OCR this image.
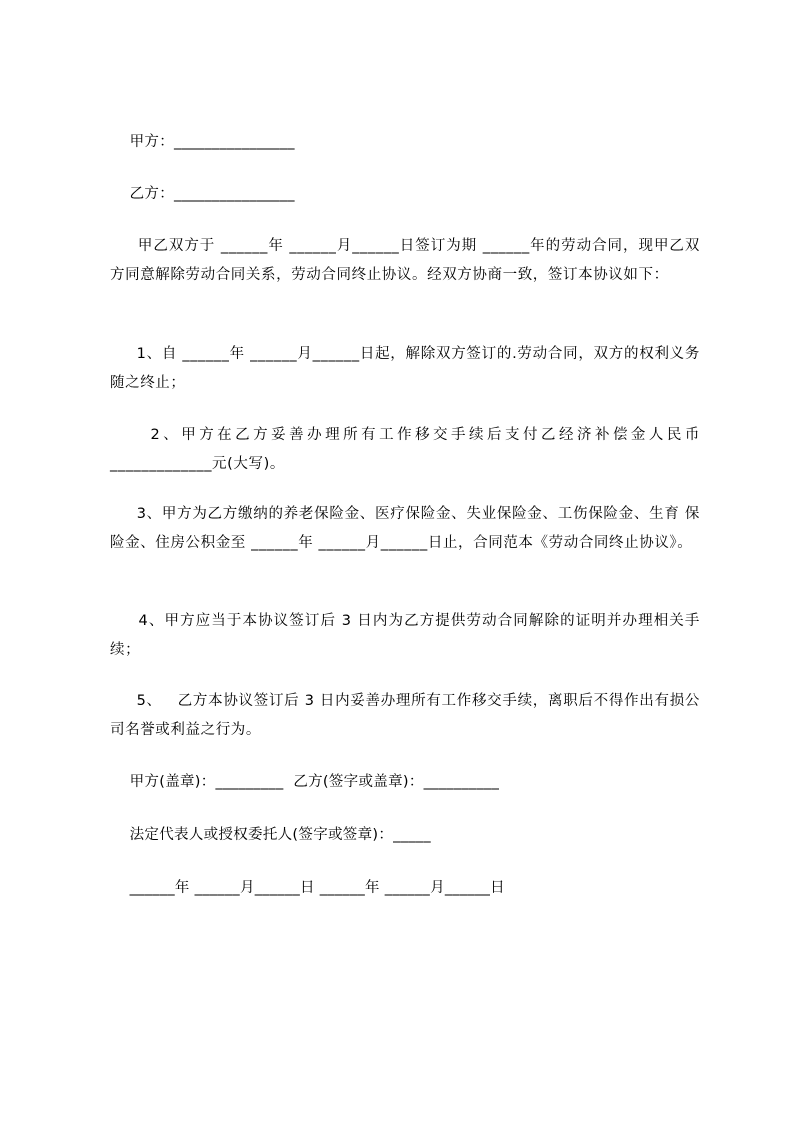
甲方：________________
乙方：________________
甲乙双方于 ______年 ______月______日签订为期 ______年的劳动合同，现甲乙双方同意解除劳动合同关系，劳动合同终止协议。经双方协商一致，签订本协议如下：
1、自 ______年 ______月______日起，解除双方签订的.劳动合同，双方的权利义务随之终止；
2、甲方在乙方妥善办理所有工作移交手续后支付乙经济补偿金人民币_____________元(大写)。
3、甲方为乙方缴纳的养老保险金、医疗保险金、失业保险金、工伤保险金、生育 保险金、住房公积金至 ______年 ______月______日止，合同范本《劳动合同终止协议》。
4、甲方应当于本协议签订后 3 日内为乙方提供劳动合同解除的证明并办理相关手续；
5、   乙方本协议签订后 3 日内妥善办理所有工作移交手续，离职后不得作出有损公司名誉或利益之行为。
甲方(盖章)：_________  乙方(签字或盖章)：__________
法定代表人或授权委托人(签字或签章)：_____
______年 ______月______日 ______年 ______月______日
